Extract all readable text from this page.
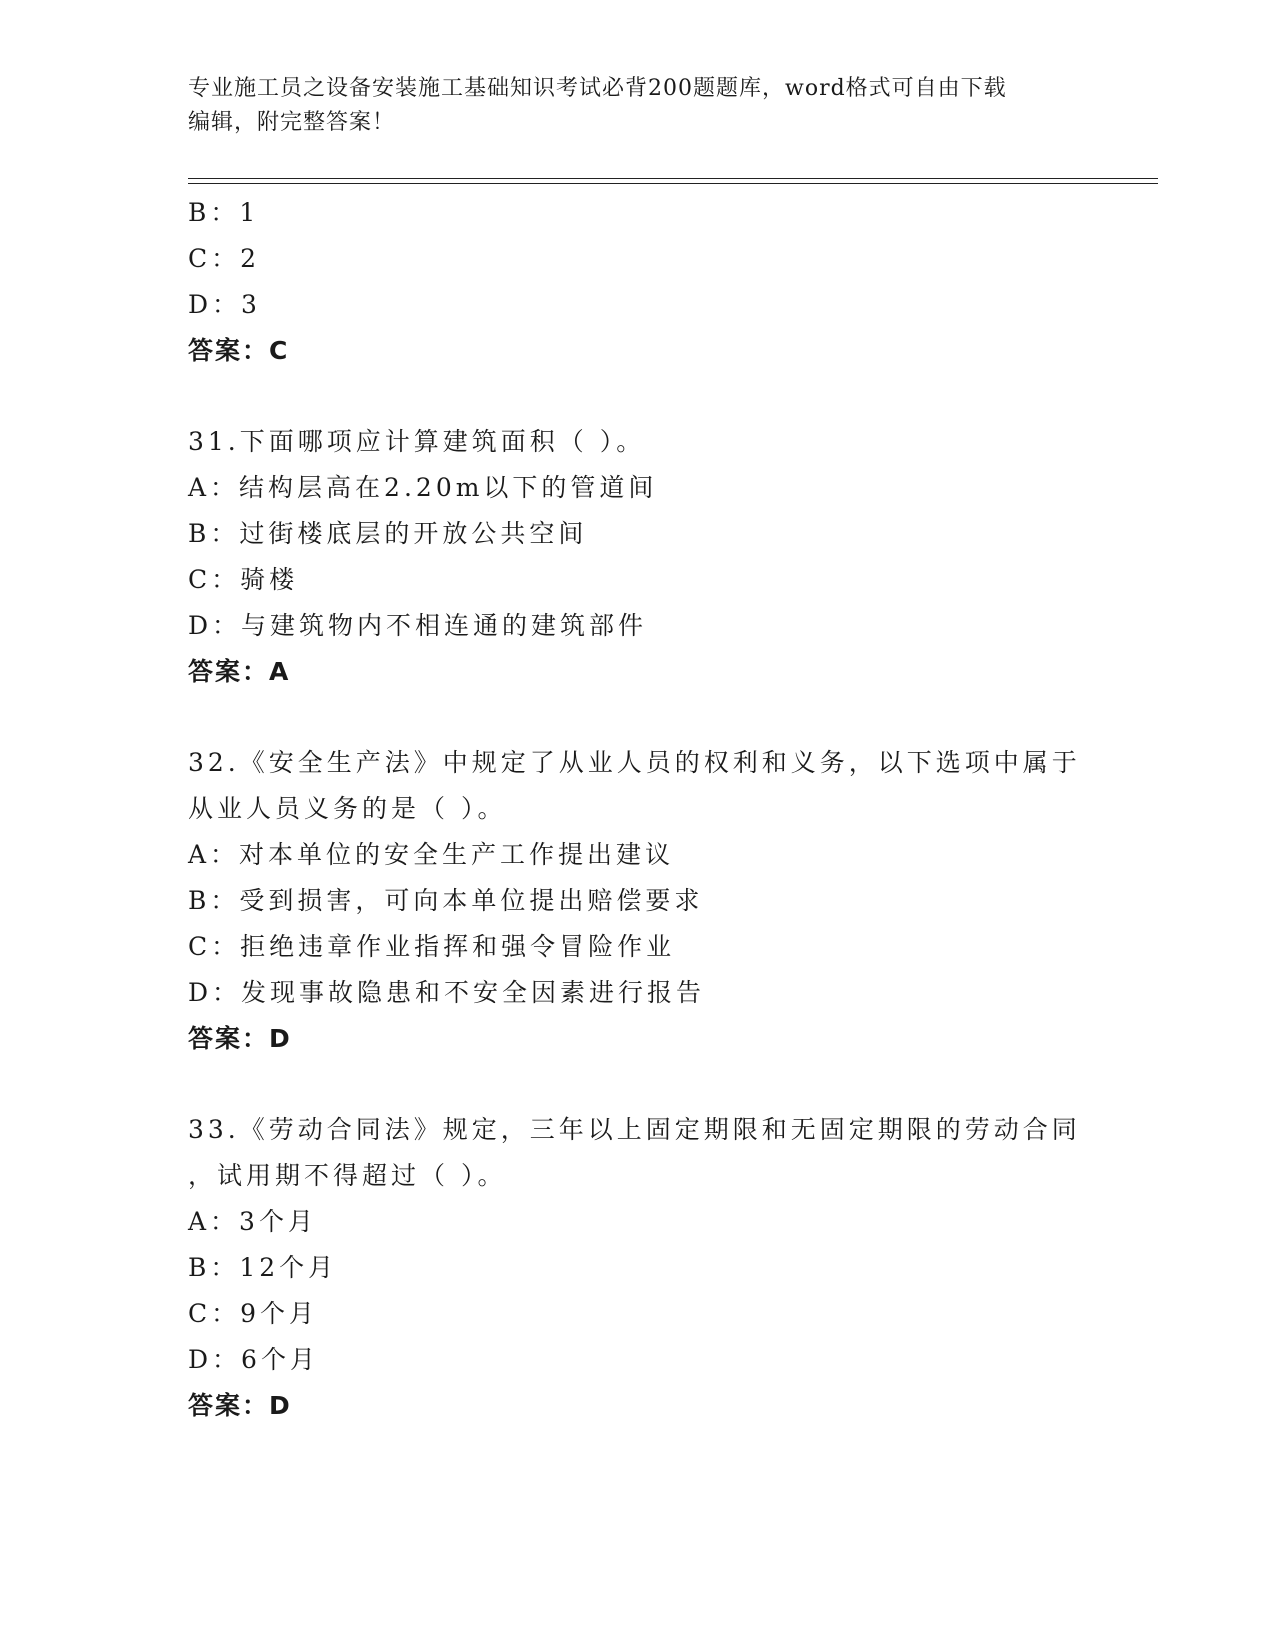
专业施工员之设备安装施工基础知识考试必背200题题库，word格式可自由下载
编辑，附完整答案！
B：1
C：2
D：3
答案：C
31.下面哪项应计算建筑面积（ ）。
A：结构层高在2.20m以下的管道间
B：过街楼底层的开放公共空间
C：骑楼
D：与建筑物内不相连通的建筑部件
答案：A
32.《安全生产法》中规定了从业人员的权利和义务，以下选项中属于
从业人员义务的是（ ）。
A：对本单位的安全生产工作提出建议
B：受到损害，可向本单位提出赔偿要求
C：拒绝违章作业指挥和强令冒险作业
D：发现事故隐患和不安全因素进行报告
答案：D
33.《劳动合同法》规定，三年以上固定期限和无固定期限的劳动合同
，试用期不得超过（ ）。
A：3个月
B：12个月
C：9个月
D：6个月
答案：D
